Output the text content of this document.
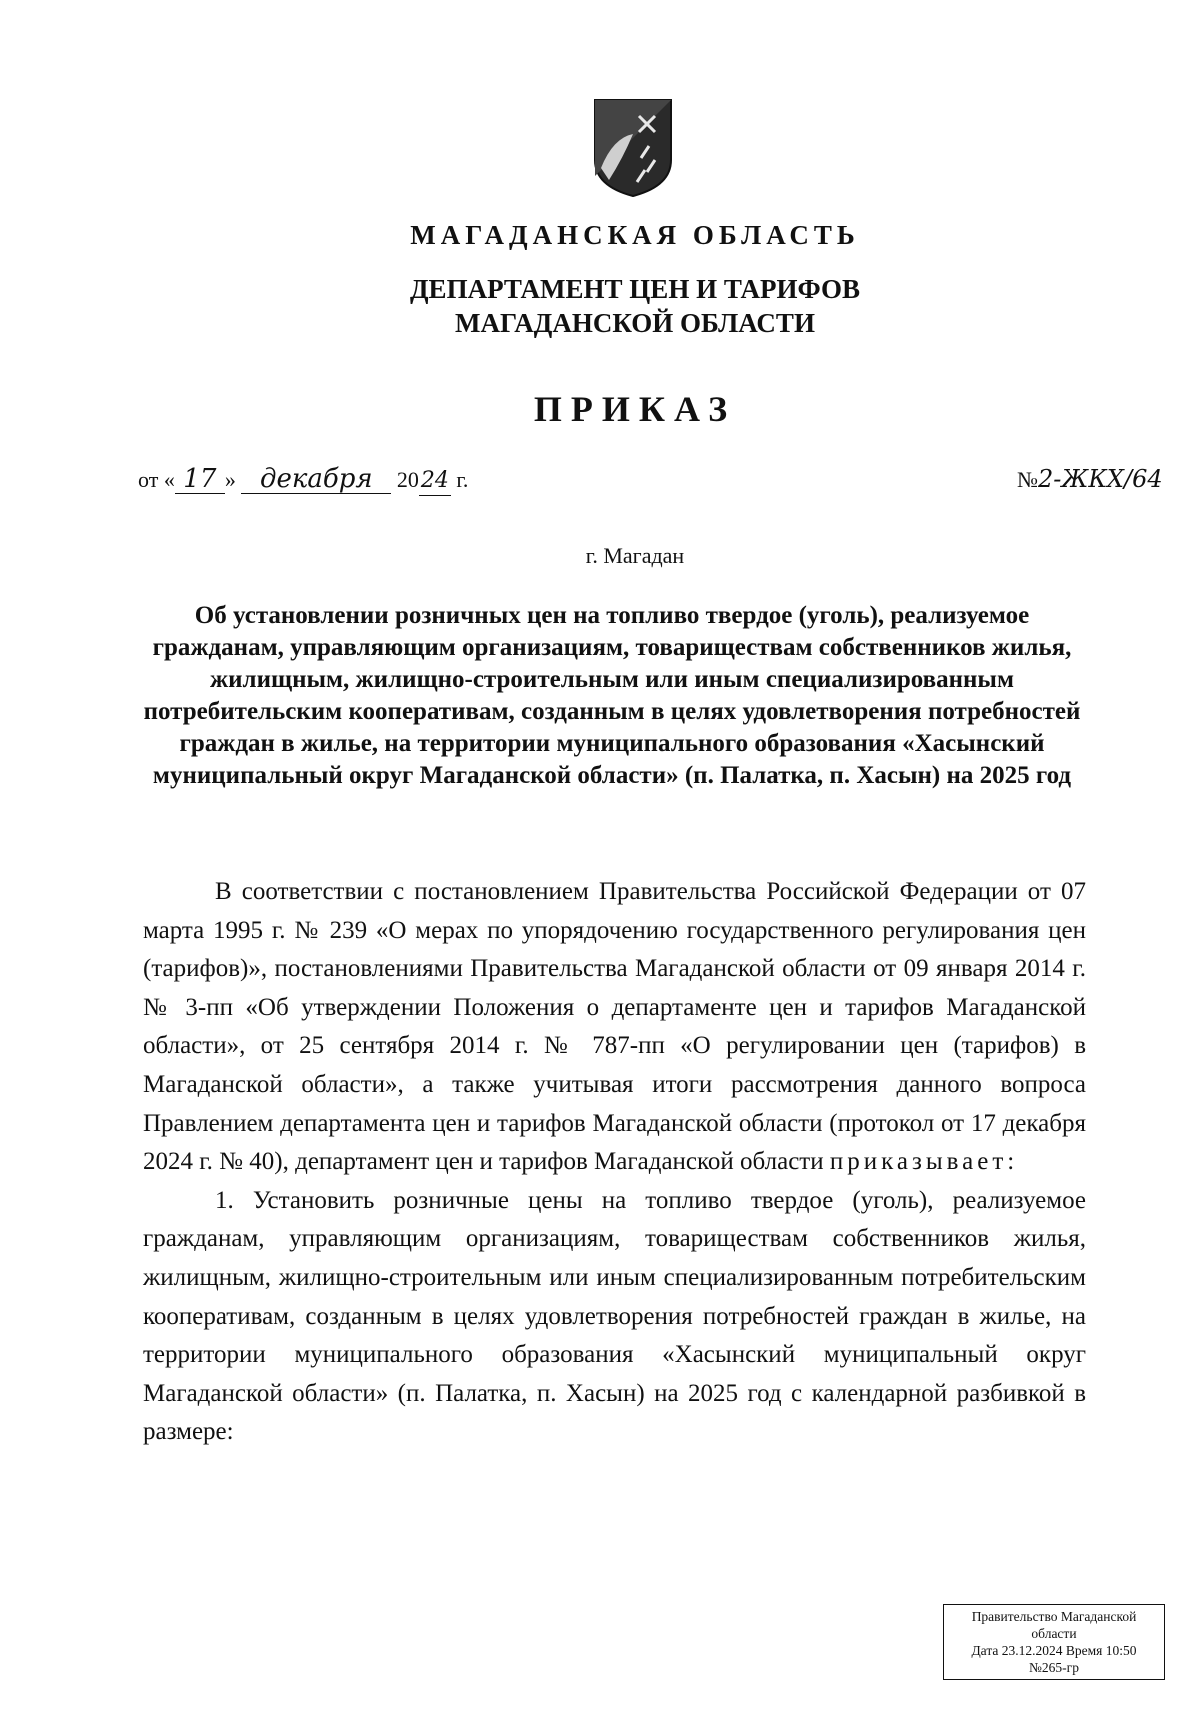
МАГАДАНСКАЯ ОБЛАСТЬ
ДЕПАРТАМЕНТ ЦЕН И ТАРИФОВ
МАГАДАНСКОЙ ОБЛАСТИ
ПРИКАЗ
от « 17 » декабря 2024 г.	№2-ЖКХ/64
г. Магадан

Об установлении розничных цен на топливо твердое (уголь), реализуемое гражданам, управляющим организациям, товариществам собственников жилья, жилищным, жилищно-строительным или иным специализированным потребительским кооперативам, созданным в целях удовлетворения потребностей граждан в жилье, на территории муниципального образования «Хасынский муниципальный округ Магаданской области» (п. Палатка, п. Хасын) на 2025 год

В соответствии с постановлением Правительства Российской Федерации от 07 марта 1995 г. № 239 «О мерах по упорядочению государственного регулирования цен (тарифов)», постановлениями Правительства Магаданской области от 09 января 2014 г. № 3-пп «Об утверждении Положения о департаменте цен и тарифов Магаданской области», от 25 сентября 2014 г. № 787-пп «О регулировании цен (тарифов) в Магаданской области», а также учитывая итоги рассмотрения данного вопроса Правлением департамента цен и тарифов Магаданской области (протокол от 17 декабря 2024 г. № 40), департамент цен и тарифов Магаданской области приказывает:

1. Установить розничные цены на топливо твердое (уголь), реализуемое гражданам, управляющим организациям, товариществам собственников жилья, жилищным, жилищно-строительным или иным специализированным потребительским кооперативам, созданным в целях удовлетворения потребностей граждан в жилье, на территории муниципального образования «Хасынский муниципальный округ Магаданской области» (п. Палатка, п. Хасын) на 2025 год с календарной разбивкой в размере:

Правительство Магаданской
области
Дата 23.12.2024 Время 10:50
№265-гр
